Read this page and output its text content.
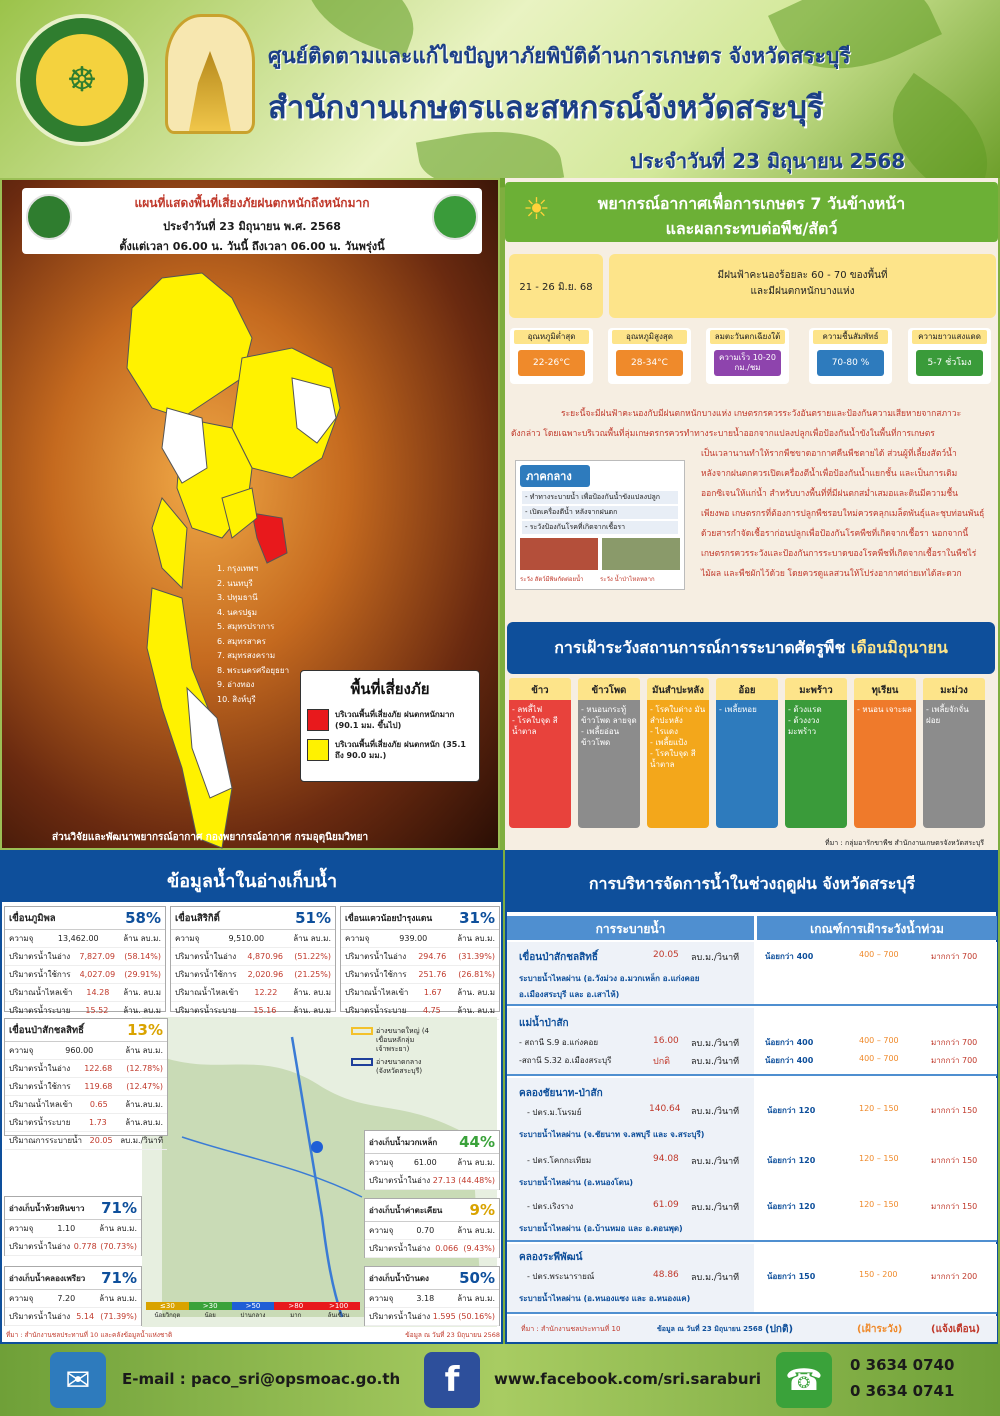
☸
ศูนย์ติดตามและแก้ไขปัญหาภัยพิบัติด้านการเกษตร จังหวัดสระบุรี
สำนักงานเกษตรและสหกรณ์จังหวัดสระบุรี
ประจำวันที่ 23 มิถุนายน 2568
แผนที่แสดงพื้นที่เสี่ยงภัยฝนตกหนักถึงหนักมาก
ประจำวันที่ 23 มิถุนายน พ.ศ. 2568
ตั้งแต่เวลา 06.00 น. วันนี้ ถึงเวลา 06.00 น. วันพรุ่งนี้
1. กรุงเทพฯ
2. นนทบุรี
3. ปทุมธานี
4. นครปฐม
5. สมุทรปราการ
6. สมุทรสาคร
7. สมุทรสงคราม
8. พระนครศรีอยุธยา
9. อ่างทอง
10. สิงห์บุรี
พื้นที่เสี่ยงภัย
บริเวณพื้นที่เสี่ยงภัย ฝนตกหนักมาก (90.1 มม. ขึ้นไป)
บริเวณพื้นที่เสี่ยงภัย ฝนตกหนัก (35.1 ถึง 90.0 มม.)
ส่วนวิจัยและพัฒนาพยากรณ์อากาศ กองพยากรณ์อากาศ กรมอุตุนิยมวิทยา
☀	พยากรณ์อากาศเพื่อการเกษตร 7 วันข้างหน้า
และผลกระทบต่อพืช/สัตว์
21 - 26 มิ.ย. 68
มีฝนฟ้าคะนองร้อยละ 60 - 70 ของพื้นที่
และมีฝนตกหนักบางแห่ง
อุณหภูมิต่ำสุด
22-26°C
อุณหภูมิสูงสุด
28-34°C
ลมตะวันตกเฉียงใต้
ความเร็ว 10-20 กม./ชม
ความชื้นสัมพัทธ์
70-80 %
ความยาวแสงแดด
5-7 ชั่วโมง
ระยะนี้จะมีฝนฟ้าคะนองกับมีฝนตกหนักบางแห่ง เกษตรกรควรระวังอันตรายและป้องกันความเสียหายจากสภาวะ
ดังกล่าว โดยเฉพาะบริเวณพื้นที่ลุ่มเกษตรกรควรทำทางระบายน้ำออกจากแปลงปลูกเพื่อป้องกันน้ำขังในพื้นที่การเกษตร
เป็นเวลานานทำให้รากพืชขาดอากาศคืนพืชตายได้ ส่วนผู้ที่เลี้ยงสัตว์น้ำ
หลังจากฝนตกควรเปิดเครื่องตีน้ำเพื่อป้องกันน้ำแยกชั้น และเป็นการเติม
ออกซิเจนให้แก่น้ำ สำหรับบางพื้นที่ที่มีฝนตกสม่ำเสมอและดินมีความชื้น
เพียงพอ เกษตรกรที่ต้องการปลูกพืชรอบใหม่ควรคลุกเมล็ดพันธุ์และชุบท่อนพันธุ์
ด้วยสารกำจัดเชื้อราก่อนปลูกเพื่อป้องกันโรคพืชที่เกิดจากเชื้อรา นอกจากนี้
เกษตรกรควรระวังและป้องกันการระบาดของโรคพืชที่เกิดจากเชื้อราในพืชไร่
ไม้ผล และพืชผักไว้ด้วย โดยควรดูแลสวนให้โปร่งอากาศถ่ายเทได้สะดวก
ภาคกลาง
- ทำทางระบายน้ำ เพื่อป้องกันน้ำขังแปลงปลูก
- เปิดเครื่องตีน้ำ หลังจากฝนตก
- ระวังป้องกันโรคที่เกิดจากเชื้อรา
ระวัง สัตว์มีพิษกัดต่อยน้ำ	ระวัง น้ำป่าไหลหลาก
การเฝ้าระวังสถานการณ์การระบาดศัตรูพืช เดือนมิถุนายน
ข้าว
- ลพลี้ไฟ
- โรคใบจุด สีน้ำตาล
ข้าวโพด
- หนอนกระทู้ ข้าวโพด ลายจุด
- เพลี้ยอ่อน ข้าวโพด
มันสำปะหลัง
- โรคใบด่าง มันสำปะหลัง
- ไรแดง
- เพลี้ยแป้ง
- โรคใบจุด สีน้ำตาล
อ้อย
- เพลี้ยหอย
มะพร้าว
- ด้วงแรด
- ด้วงงวงมะพร้าว
ทุเรียน
- หนอน เจาะผล
มะม่วง
- เพลี้ยจักจั่น ฝอย
ที่มา : กลุ่มอารักขาพืช สำนักงานเกษตรจังหวัดสระบุรี
ข้อมูลน้ำในอ่างเก็บน้ำ
เขื่อนภูมิพล	58%
ความจุ	13,462.00	ล้าน ลบ.ม.
ปริมาตรน้ำในอ่าง 7,827.09 (58.14%)
ปริมาตรน้ำใช้การ 4,027.09 (29.91%)
ปริมาณน้ำไหลเข้า 14.28 ล้าน. ลบ.ม
ปริมาตรน้ำระบาย 15.52 ล้าน. ลบ.ม
เขื่อนสิริกิติ์	51%
ความจุ	9,510.00	ล้าน ลบ.ม.
ปริมาตรน้ำในอ่าง 4,870.96 (51.22%)
ปริมาตรน้ำใช้การ 2,020.96 (21.25%)
ปริมาณน้ำไหลเข้า 12.22 ล้าน. ลบ.ม
ปริมาตรน้ำระบาย 15.16 ล้าน. ลบ.ม
เขื่อนแควน้อยบำรุงแดน 31%
ความจุ	939.00	ล้าน ลบ.ม.
ปริมาตรน้ำในอ่าง 294.76 (31.39%)
ปริมาตรน้ำใช้การ 251.76 (26.81%)
ปริมาณน้ำไหลเข้า 1.67 ล้าน. ลบ.ม
ปริมาตรน้ำระบาย 4.75 ล้าน. ลบ.ม
อ่างขนาดใหญ่ (4 เขื่อนหลักลุ่มเจ้าพระยา)
อ่างขนาดกลาง (จังหวัดสระบุรี)
เขื่อนป่าสักชลสิทธิ์	13%
ความจุ	960.00	ล้าน ลบ.ม.
ปริมาตรน้ำในอ่าง 122.68 (12.78%)
ปริมาตรน้ำใช้การ 119.68 (12.47%)
ปริมาณน้ำไหลเข้า 0.65 ล้าน.ลบ.ม.
ปริมาตรน้ำระบาย 1.73 ล้าน.ลบ.ม.
ปริมาณการระบายน้ำ 20.05 ลบ.ม./วินาที
อ่างเก็บน้ำห้วยหินขาว 71%
ความจุ	1.10	ล้าน ลบ.ม.
ปริมาตรน้ำในอ่าง 0.778 (70.73%)
อ่างเก็บน้ำคลองเพรียว 71%
ความจุ	7.20	ล้าน ลบ.ม.
ปริมาตรน้ำในอ่าง 5.14 (71.39%)
อ่างเก็บน้ำมวกเหล็ก 44%
ความจุ	61.00	ล้าน ลบ.ม.
ปริมาตรน้ำในอ่าง 27.13 (44.48%)
อ่างเก็บน้ำค่าตะเคียน 9%
ความจุ	0.70	ล้าน ลบ.ม.
ปริมาตรน้ำในอ่าง 0.066 (9.43%)
อ่างเก็บน้ำบ้านดง 50%
ความจุ	3.18	ล้าน ลบ.ม.
ปริมาตรน้ำในอ่าง 1.595 (50.16%)
≤30	>30	>50	>80	>100
น้อยวิกฤต	น้อย	ปานกลาง	มาก	ล้นเขื่อน
ที่มา : สำนักงานชลประทานที่ 10 และคลังข้อมูลน้ำแห่งชาติ	ข้อมูล ณ วันที่ 23 มิถุนายน 2568
การบริหารจัดการน้ำในช่วงฤดูฝน จังหวัดสระบุรี
การระบายน้ำ	เกณฑ์การเฝ้าระวังน้ำท่วม
เขื่อนป่าสักชลสิทธิ์	20.05 ลบ.ม./วินาที
ระบายน้ำไหลผ่าน (อ.วังม่วง อ.มวกเหล็ก อ.แก่งคอย
อ.เมืองสระบุรี และ อ.เสาไห้)
น้อยกว่า 400	400 – 700	มากกว่า 700
แม่น้ำป่าสัก
- สถานี S.9 อ.แก่งคอย	16.00 ลบ.ม./วินาที
-สถานี S.32 อ.เมืองสระบุรี	ปกติ ลบ.ม./วินาที
น้อยกว่า 400	400 – 700	มากกว่า 700
น้อยกว่า 400	400 – 700	มากกว่า 700
คลองชัยนาท-ป่าสัก
- ปตร.ม.โนรมย์	140.64 ลบ.ม./วินาที
ระบายน้ำไหลผ่าน (จ.ชัยนาท จ.ลพบุรี และ จ.สระบุรี)
- ปตร.โคกกะเทียม	94.08 ลบ.ม./วินาที
ระบายน้ำไหลผ่าน (อ.หนองโดน)
- ปตร.เริงราง	61.09 ลบ.ม./วินาที
ระบายน้ำไหลผ่าน (อ.บ้านหมอ และ อ.ดอนพุด)
น้อยกว่า 120	120 – 150	มากกว่า 150
น้อยกว่า 120	120 – 150	มากกว่า 150
น้อยกว่า 120	120 – 150	มากกว่า 150
คลองระพีพัฒน์
- ปตร.พระนารายณ์	48.86 ลบ.ม./วินาที
ระบายน้ำไหลผ่าน (อ.หนองแซง และ อ.หนองแค)
น้อยกว่า 150	150 - 200	มากกว่า 200
ที่มา : สำนักงานชลประทานที่ 10	ข้อมูล ณ วันที่ 23 มิถุนายน 2568 (ปกติ)	(เฝ้าระวัง)	(แจ้งเตือน)
✉	E-mail : paco_sri@opsmoac.go.th	f	www.facebook.com/sri.saraburi ☎	0 3634 0740
0 3634 0741
